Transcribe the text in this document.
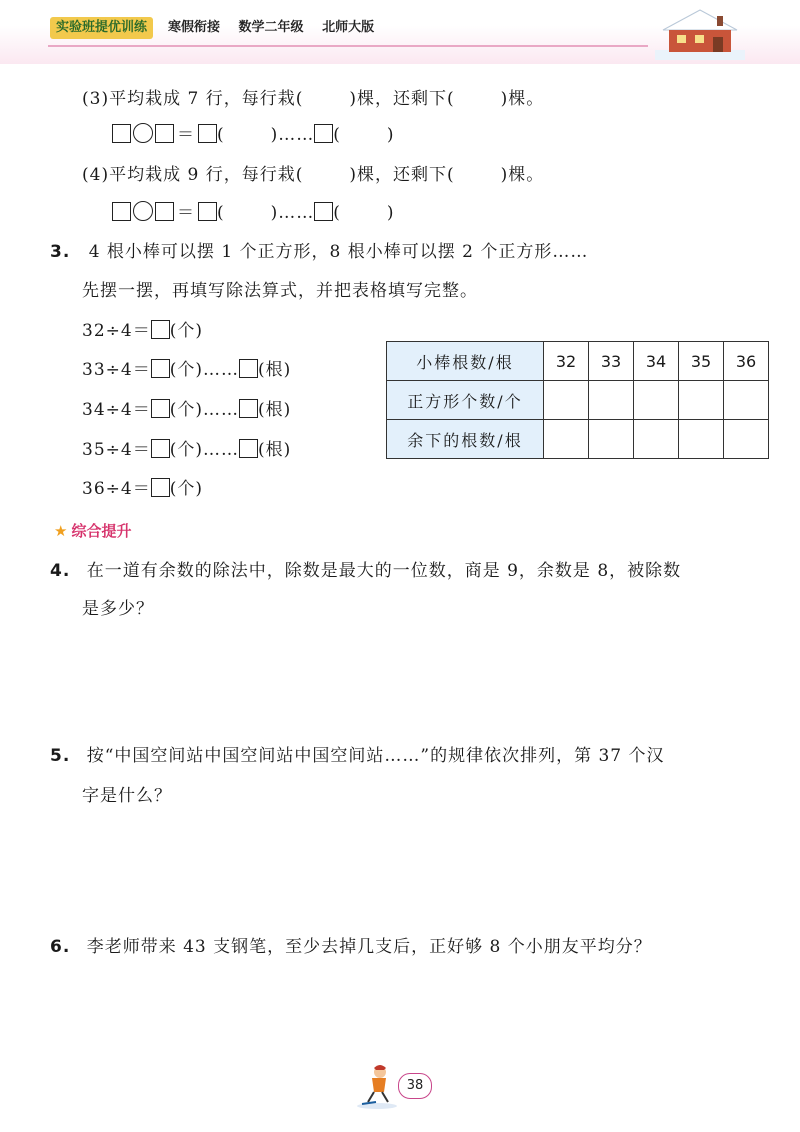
实验班提优训练	寒假衔接 数学二年级 北师大版
(3)平均栽成 7 行，每行栽(	)棵，还剩下(	)棵。
＝ (	)…… (	)
(4)平均栽成 9 行，每行栽(	)棵，还剩下(	)棵。
＝ (	)…… (	)
3. 4 根小棒可以摆 1 个正方形，8 根小棒可以摆 2 个正方形……
先摆一摆，再填写除法算式，并把表格填写完整。
32÷4＝ (个)
33÷4＝ (个)…… (根)
34÷4＝ (个)…… (根)
35÷4＝ (个)…… (根)
36÷4＝ (个)
小棒根数/根	32	33	34	35	36
正方形个数/个					
余下的根数/根					
★ 综合提升
4. 在一道有余数的除法中，除数是最大的一位数，商是 9，余数是 8，被除数
是多少？
5. 按“中国空间站中国空间站中国空间站……”的规律依次排列，第 37 个汉
字是什么？
6. 李老师带来 43 支钢笔，至少去掉几支后，正好够 8 个小朋友平均分？
38
